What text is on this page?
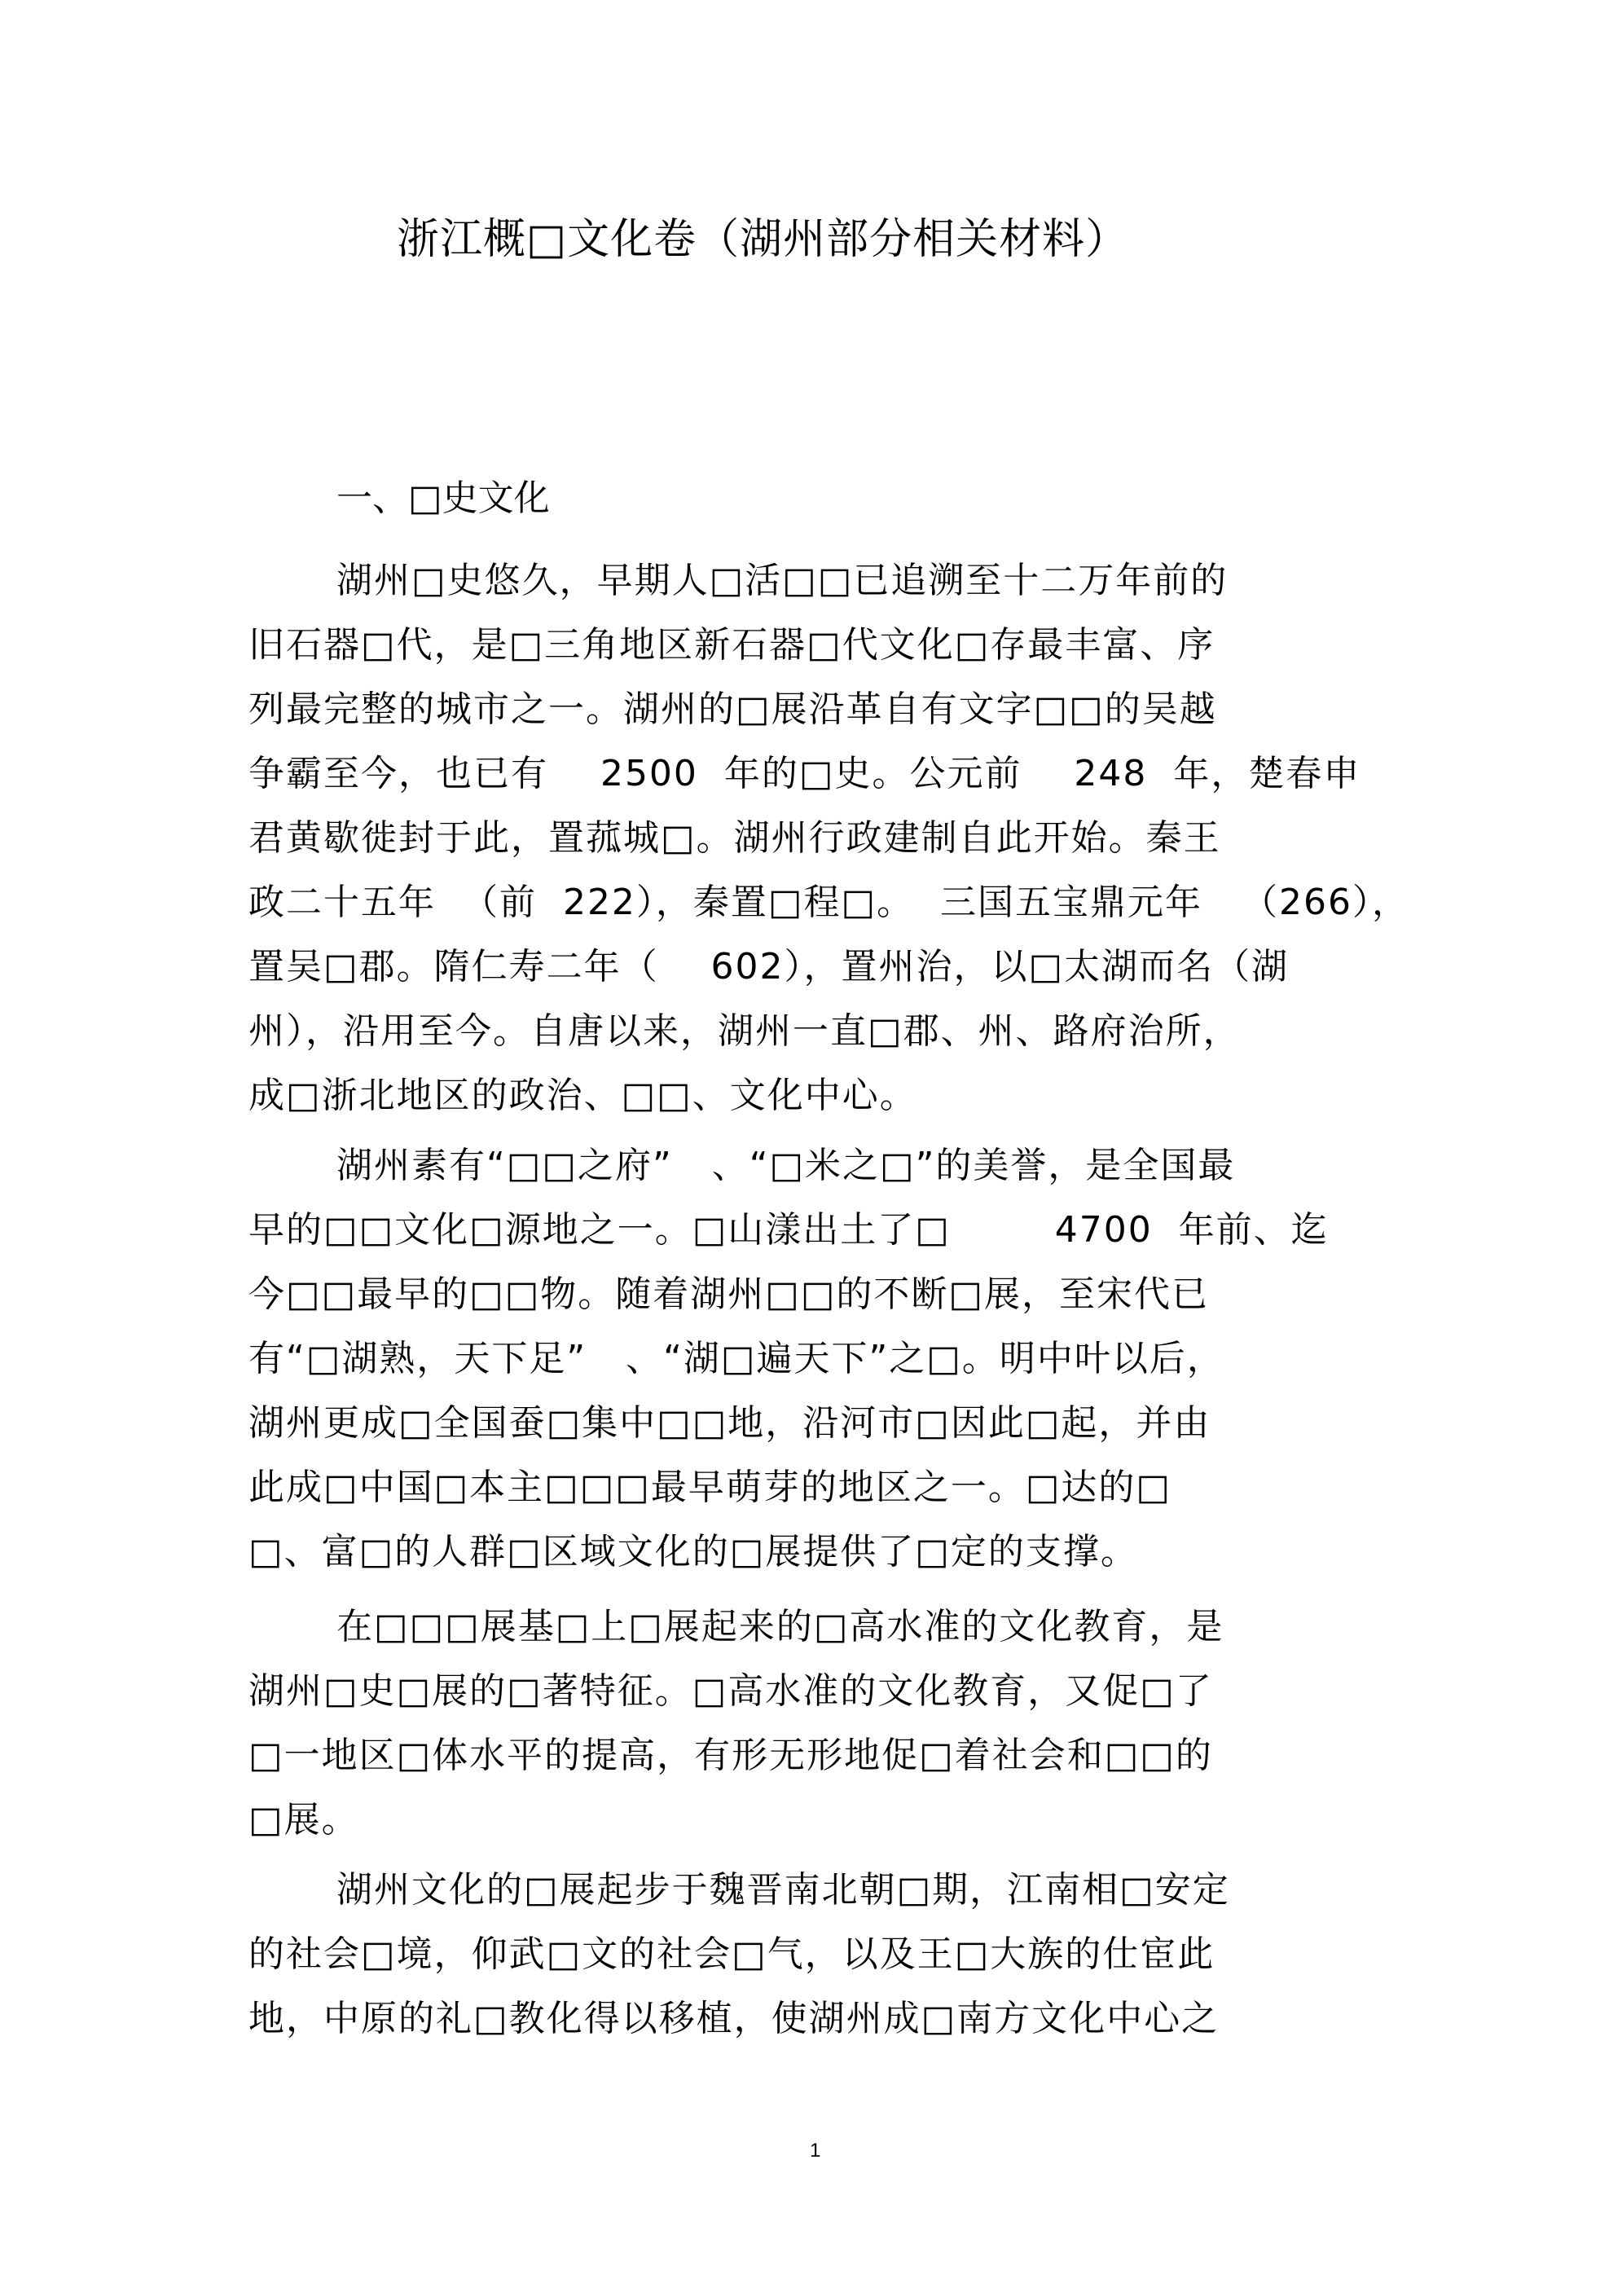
浙江概□文化卷（湖州部分相关材料）
一、□史文化
湖州□史悠久，早期人□活□□已追溯至十二万年前的
旧石器□代，是□三角地区新石器□代文化□存最丰富、序
列最完整的城市之一。湖州的□展沿革自有文字□□的吴越
争霸至今，也已有    2500  年的□史。公元前    248  年，楚春申
君黄歇徙封于此，置菰城□。湖州行政建制自此开始。秦王
政二十五年  （前  222），秦置□程□。  三国五宝鼎元年   （266），
置吴□郡。隋仁寿二年（    602），置州治，以□太湖而名（湖
州），沿用至今。自唐以来，湖州一直□郡、州、路府治所，
成□浙北地区的政治、□□、文化中心。
湖州素有“□□之府”   、“□米之□”的美誉，是全国最
早的□□文化□源地之一。□山漾出土了□        4700  年前、迄
今□□最早的□□物。随着湖州□□的不断□展，至宋代已
有“□湖熟，天下足”   、“湖□遍天下”之□。明中叶以后，
湖州更成□全国蚕□集中□□地，沿河市□因此□起，并由
此成□中国□本主□□□最早萌芽的地区之一。□达的□
□、富□的人群□区域文化的□展提供了□定的支撑。
在□□□展基□上□展起来的□高水准的文化教育，是
湖州□史□展的□著特征。□高水准的文化教育，又促□了
□一地区□体水平的提高，有形无形地促□着社会和□□的
□展。
湖州文化的□展起步于魏晋南北朝□期，江南相□安定
的社会□境，仰武□文的社会□气，以及王□大族的仕宦此
地，中原的礼□教化得以移植，使湖州成□南方文化中心之
1
